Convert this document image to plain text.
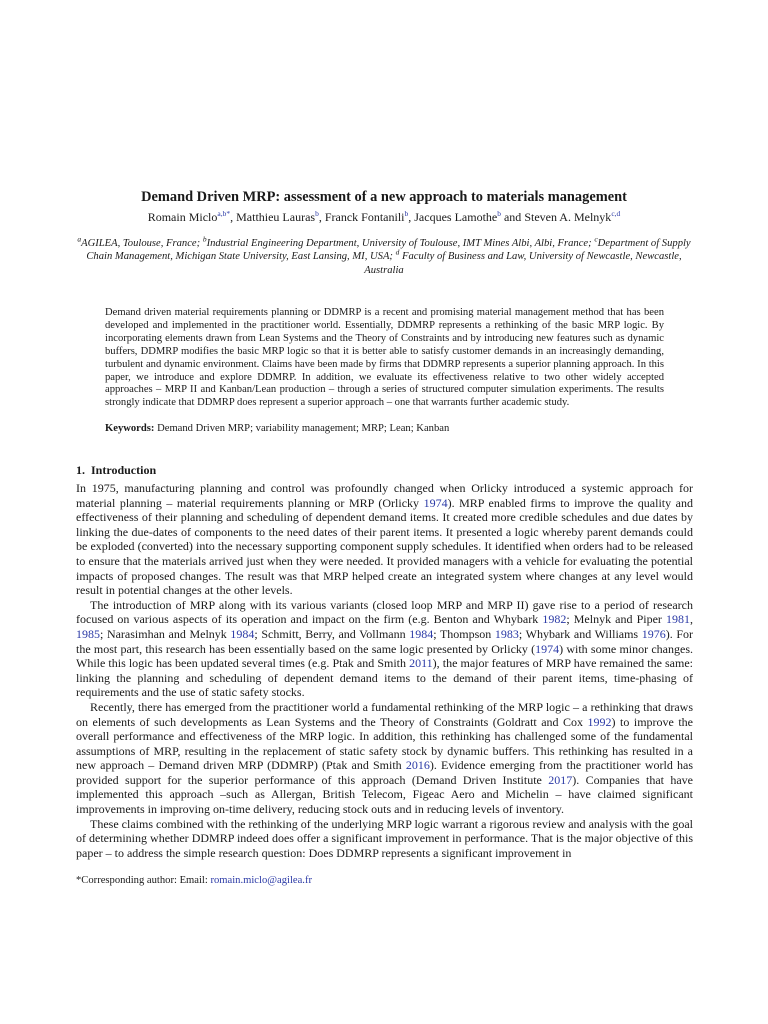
Demand Driven MRP: assessment of a new approach to materials management
Romain Miclo$^{a,b*}$, Matthieu Lauras$^b$, Franck Fontanili$^b$, Jacques Lamothe$^b$ and Steven A. Melnyk$^{c,d}$
$^a$AGILEA, Toulouse, France; $^b$Industrial Engineering Department, University of Toulouse, IMT Mines Albi, Albi, France; $^c$Department of Supply Chain Management, Michigan State University, East Lansing, MI, USA; $^d$ Faculty of Business and Law, University of Newcastle, Newcastle, Australia

Demand driven material requirements planning or DDMRP is a recent and promising material management method that has been developed and implemented in the practitioner world. Essentially, DDMRP represents a rethinking of the basic MRP logic. By incorporating elements drawn from Lean Systems and the Theory of Constraints and by introducing new features such as dynamic buffers, DDMRP modifies the basic MRP logic so that it is better able to satisfy customer demands in an increasingly demanding, turbulent and dynamic environment. Claims have been made by firms that DDMRP represents a superior planning approach. In this paper, we introduce and explore DDMRP. In addition, we evaluate its effectiveness relative to two other widely accepted approaches – MRP II and Kanban/Lean production – through a series of structured computer simulation experiments. The results strongly indicate that DDMRP does represent a superior approach – one that warrants further academic study.

Keywords: Demand Driven MRP; variability management; MRP; Lean; Kanban

1. Introduction

In 1975, manufacturing planning and control was profoundly changed when Orlicky introduced a systemic approach for material planning – material requirements planning or MRP (Orlicky 1974). MRP enabled firms to improve the quality and effectiveness of their planning and scheduling of dependent demand items. It created more credible schedules and due dates by linking the due-dates of components to the need dates of their parent items. It presented a logic whereby parent demands could be exploded (converted) into the necessary supporting component supply schedules. It identified when orders had to be released to ensure that the materials arrived just when they were needed. It provided managers with a vehicle for evaluating the potential impacts of proposed changes. The result was that MRP helped create an integrated system where changes at any level would result in potential changes at the other levels.

The introduction of MRP along with its various variants (closed loop MRP and MRP II) gave rise to a period of research focused on various aspects of its operation and impact on the firm (e.g. Benton and Whybark 1982; Melnyk and Piper 1981, 1985; Narasimhan and Melnyk 1984; Schmitt, Berry, and Vollmann 1984; Thompson 1983; Whybark and Williams 1976). For the most part, this research has been essentially based on the same logic presented by Orlicky (1974) with some minor changes. While this logic has been updated several times (e.g. Ptak and Smith 2011), the major features of MRP have remained the same: linking the planning and scheduling of dependent demand items to the demand of their parent items, time-phasing of requirements and the use of static safety stocks.

Recently, there has emerged from the practitioner world a fundamental rethinking of the MRP logic – a rethinking that draws on elements of such developments as Lean Systems and the Theory of Constraints (Goldratt and Cox 1992) to improve the overall performance and effectiveness of the MRP logic. In addition, this rethinking has challenged some of the fundamental assumptions of MRP, resulting in the replacement of static safety stock by dynamic buffers. This rethinking has resulted in a new approach – Demand driven MRP (DDMRP) (Ptak and Smith 2016). Evidence emerging from the practitioner world has provided support for the superior performance of this approach (Demand Driven Institute 2017). Companies that have implemented this approach –such as Allergan, British Telecom, Figeac Aero and Michelin – have claimed significant improvements in improving on-time delivery, reducing stock outs and in reducing levels of inventory.

These claims combined with the rethinking of the underlying MRP logic warrant a rigorous review and analysis with the goal of determining whether DDMRP indeed does offer a significant improvement in performance. That is the major objective of this paper – to address the simple research question: Does DDMRP represents a significant improvement in

*Corresponding author: Email: romain.miclo@agilea.fr
